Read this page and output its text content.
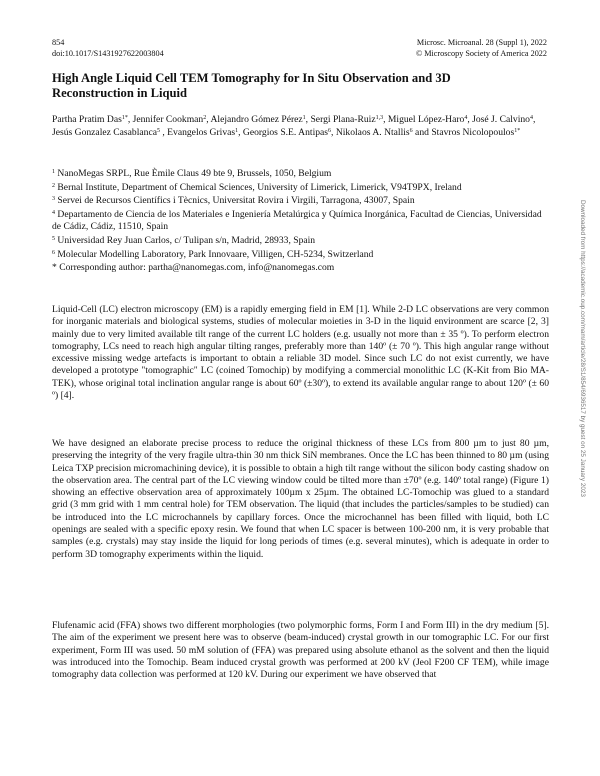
854
doi:10.1017/S1431927622003804
Microsc. Microanal. 28 (Suppl 1), 2022
© Microscopy Society of America 2022
High Angle Liquid Cell TEM Tomography for In Situ Observation and 3D Reconstruction in Liquid
Partha Pratim Das$^{1*}$, Jennifer Cookman$^2$, Alejandro Gómez Pérez$^1$, Sergi Plana-Ruiz$^{1,3}$, Miguel López-Haro$^4$, José J. Calvino$^4$, Jesús Gonzalez Casablanca$^5$ , Evangelos Grivas$^1$, Georgios S.E. Antipas$^6$, Nikolaos A. Ntallis$^6$ and Stavros Nicolopoulos$^{1*}$
$^1$ NanoMegas SRPL, Rue Èmile Claus 49 bte 9, Brussels, 1050, Belgium
$^2$ Bernal Institute, Department of Chemical Sciences, University of Limerick, Limerick, V94T9PX, Ireland
$^3$ Servei de Recursos Científics i Tècnics, Universitat Rovira i Virgili, Tarragona, 43007, Spain
$^4$ Departamento de Ciencia de los Materiales e Ingeniería Metalúrgica y Química Inorgánica, Facultad de Ciencias, Universidad de Cádiz, Cádiz, 11510, Spain
$^5$ Universidad Rey Juan Carlos, c/ Tulipan s/n, Madrid, 28933, Spain
$^6$ Molecular Modelling Laboratory, Park Innovaare, Villigen, CH-5234, Switzerland
* Corresponding author: partha@nanomegas.com, info@nanomegas.com

Liquid-Cell (LC) electron microscopy (EM) is a rapidly emerging field in EM [1]. While 2-D LC observations are very common for inorganic materials and biological systems, studies of molecular moieties in 3-D in the liquid environment are scarce [2, 3] mainly due to very limited available tilt range of the current LC holders (e.g. usually not more than ± 35 º). To perform electron tomography, LCs need to reach high angular tilting ranges, preferably more than 140º (± 70 º). This high angular range without excessive missing wedge artefacts is important to obtain a reliable 3D model. Since such LC do not exist currently, we have developed a prototype "tomographic" LC (coined Tomochip) by modifying a commercial monolithic LC (K-Kit from Bio MA-TEK), whose original total inclination angular range is about 60º (±30º), to extend its available angular range to about 120º (± 60 º) [4].

We have designed an elaborate precise process to reduce the original thickness of these LCs from 800 µm to just 80 µm, preserving the integrity of the very fragile ultra-thin 30 nm thick SiN membranes. Once the LC has been thinned to 80 µm (using Leica TXP precision micromachining device), it is possible to obtain a high tilt range without the silicon body casting shadow on the observation area. The central part of the LC viewing window could be tilted more than ±70º (e.g. 140º total range) (Figure 1) showing an effective observation area of approximately 100µm x 25µm. The obtained LC-Tomochip was glued to a standard grid (3 mm grid with 1 mm central hole) for TEM observation. The liquid (that includes the particles/samples to be studied) can be introduced into the LC microchannels by capillary forces. Once the microchannel has been filled with liquid, both LC openings are sealed with a specific epoxy resin. We found that when LC spacer is between 100-200 nm, it is very probable that samples (e.g. crystals) may stay inside the liquid for long periods of times (e.g. several minutes), which is adequate in order to perform 3D tomography experiments within the liquid.

Flufenamic acid (FFA) shows two different morphologies (two polymorphic forms, Form I and Form III) in the dry medium [5]. The aim of the experiment we present here was to observe (beam-induced) crystal growth in our tomographic LC. For our first experiment, Form III was used. 50 mM solution of (FFA) was prepared using absolute ethanol as the solvent and then the liquid was introduced into the Tomochip. Beam induced crystal growth was performed at 200 kV (Jeol F200 CF TEM), while image tomography data collection was performed at 120 kV. During our experiment we have observed that

Downloaded from https://academic.oup.com/mam/article/28/S1/854/6936517 by guest on 25 January 2023
